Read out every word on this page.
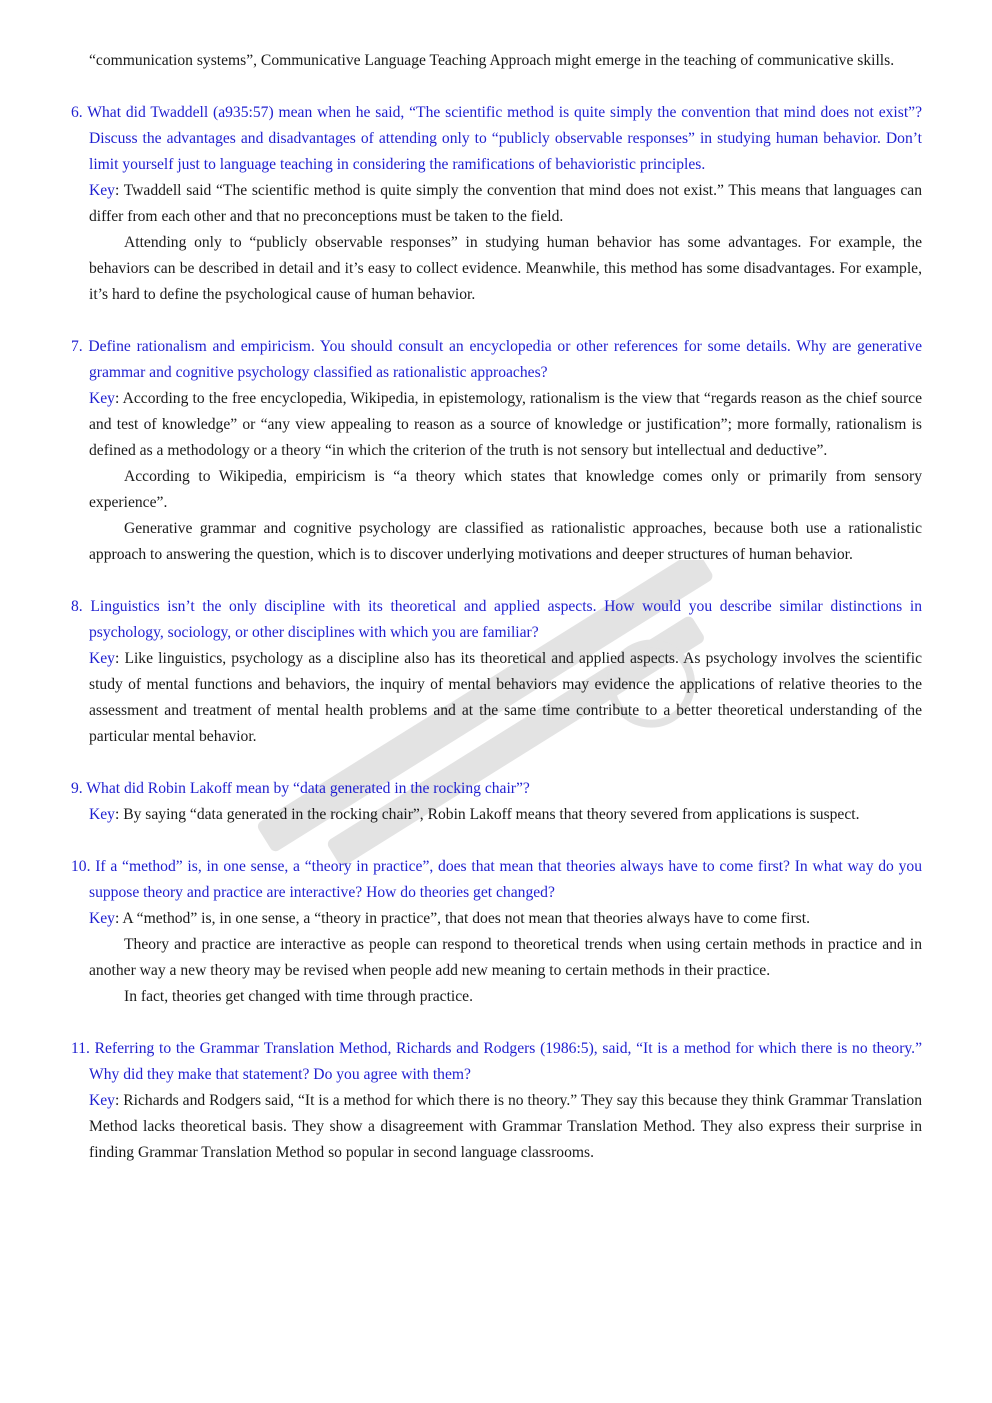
“communication systems”, Communicative Language Teaching Approach might emerge in the teaching of communicative skills.

6. What did Twaddell (a935:57) mean when he said, “The scientific method is quite simply the convention that mind does not exist”? Discuss the advantages and disadvantages of attending only to “publicly observable responses” in studying human behavior. Don’t limit yourself just to language teaching in considering the ramifications of behavioristic principles.

Key: Twaddell said “The scientific method is quite simply the convention that mind does not exist.” This means that languages can differ from each other and that no preconceptions must be taken to the field.

Attending only to “publicly observable responses” in studying human behavior has some advantages. For example, the behaviors can be described in detail and it’s easy to collect evidence. Meanwhile, this method has some disadvantages. For example, it’s hard to define the psychological cause of human behavior.

7. Define rationalism and empiricism. You should consult an encyclopedia or other references for some details. Why are generative grammar and cognitive psychology classified as rationalistic approaches?

Key: According to the free encyclopedia, Wikipedia, in epistemology, rationalism is the view that “regards reason as the chief source and test of knowledge” or “any view appealing to reason as a source of knowledge or justification”; more formally, rationalism is defined as a methodology or a theory “in which the criterion of the truth is not sensory but intellectual and deductive”.

According to Wikipedia, empiricism is “a theory which states that knowledge comes only or primarily from sensory experience”.

Generative grammar and cognitive psychology are classified as rationalistic approaches, because both use a rationalistic approach to answering the question, which is to discover underlying motivations and deeper structures of human behavior.

8. Linguistics isn’t the only discipline with its theoretical and applied aspects. How would you describe similar distinctions in psychology, sociology, or other disciplines with which you are familiar?

Key: Like linguistics, psychology as a discipline also has its theoretical and applied aspects. As psychology involves the scientific study of mental functions and behaviors, the inquiry of mental behaviors may evidence the applications of relative theories to the assessment and treatment of mental health problems and at the same time contribute to a better theoretical understanding of the particular mental behavior.

9. What did Robin Lakoff mean by “data generated in the rocking chair”?

Key: By saying “data generated in the rocking chair”, Robin Lakoff means that theory severed from applications is suspect.

10. If a “method” is, in one sense, a “theory in practice”, does that mean that theories always have to come first? In what way do you suppose theory and practice are interactive? How do theories get changed?

Key: A “method” is, in one sense, a “theory in practice”, that does not mean that theories always have to come first.

Theory and practice are interactive as people can respond to theoretical trends when using certain methods in practice and in another way a new theory may be revised when people add new meaning to certain methods in their practice.

In fact, theories get changed with time through practice.

11. Referring to the Grammar Translation Method, Richards and Rodgers (1986:5), said, “It is a method for which there is no theory.” Why did they make that statement? Do you agree with them?

Key: Richards and Rodgers said, “It is a method for which there is no theory.” They say this because they think Grammar Translation Method lacks theoretical basis. They show a disagreement with Grammar Translation Method. They also express their surprise in finding Grammar Translation Method so popular in second language classrooms.
